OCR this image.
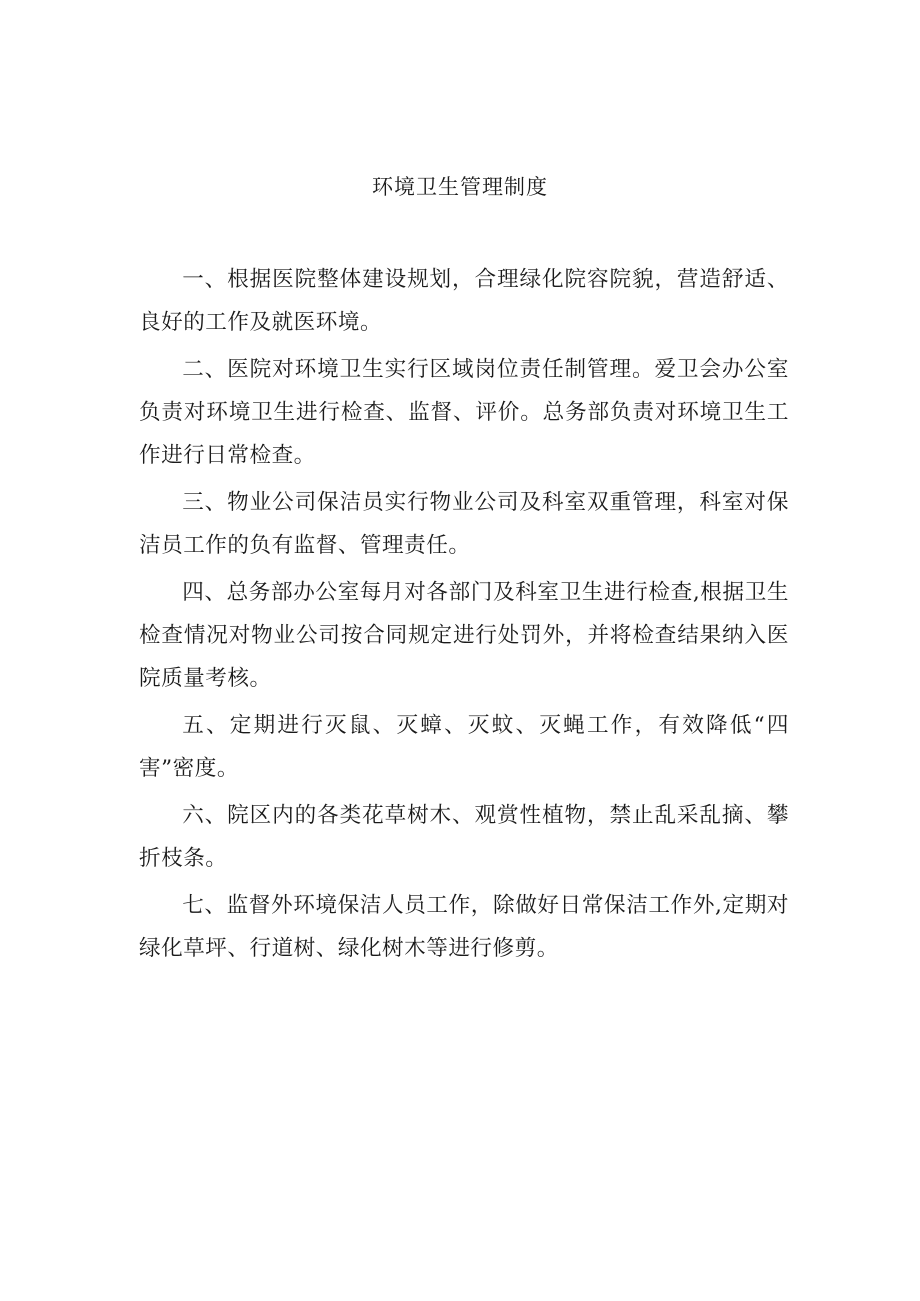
环境卫生管理制度

一、根据医院整体建设规划，合理绿化院容院貌，营造舒适、良好的工作及就医环境。

二、医院对环境卫生实行区域岗位责任制管理。爱卫会办公室负责对环境卫生进行检查、监督、评价。总务部负责对环境卫生工作进行日常检查。

三、物业公司保洁员实行物业公司及科室双重管理，科室对保洁员工作的负有监督、管理责任。

四、总务部办公室每月对各部门及科室卫生进行检查,根据卫生检查情况对物业公司按合同规定进行处罚外，并将检查结果纳入医院质量考核。

五、定期进行灭鼠、灭蟑、灭蚊、灭蝇工作，有效降低“四害”密度。

六、院区内的各类花草树木、观赏性植物，禁止乱采乱摘、攀折枝条。

七、监督外环境保洁人员工作，除做好日常保洁工作外,定期对绿化草坪、行道树、绿化树木等进行修剪。
